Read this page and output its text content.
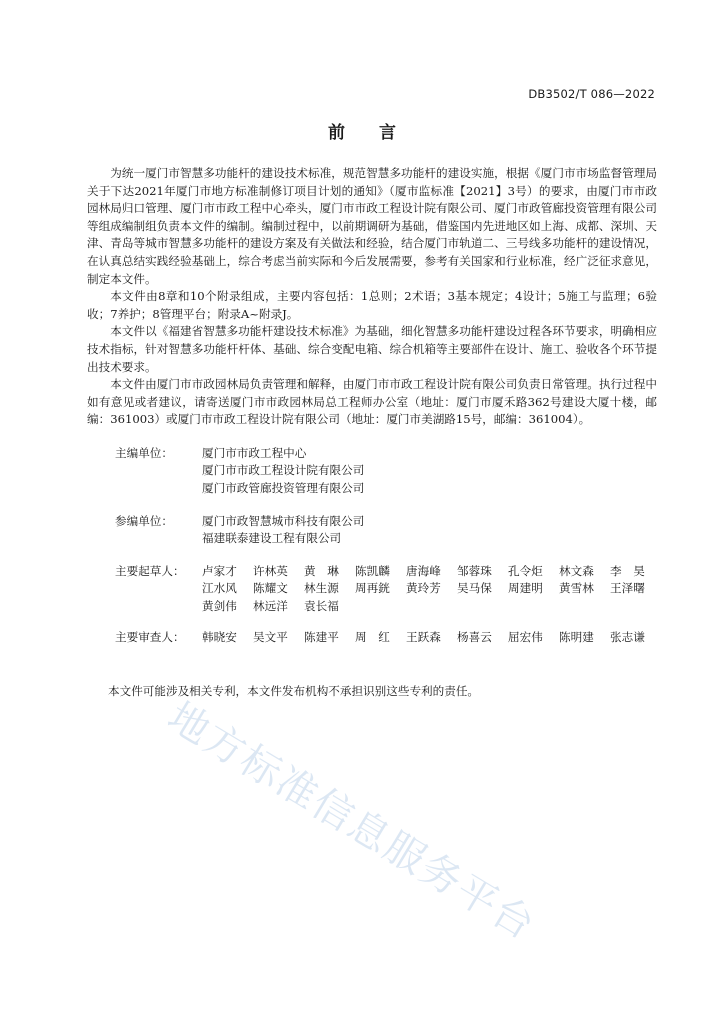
DB3502/T 086—2022
前言

为统一厦门市智慧多功能杆的建设技术标准，规范智慧多功能杆的建设实施，根据《厦门市市场监督管理局关于下达2021年厦门市地方标准制修订项目计划的通知》（厦市监标准【2021】3号）的要求，由厦门市市政园林局归口管理、厦门市市政工程中心牵头，厦门市市政工程设计院有限公司、厦门市政管廊投资管理有限公司等组成编制组负责本文件的编制。编制过程中，以前期调研为基础，借鉴国内先进地区如上海、成都、深圳、天津、青岛等城市智慧多功能杆的建设方案及有关做法和经验，结合厦门市轨道二、三号线多功能杆的建设情况，在认真总结实践经验基础上，综合考虑当前实际和今后发展需要，参考有关国家和行业标准，经广泛征求意见，制定本文件。

本文件由8章和10个附录组成，主要内容包括：1总则；2术语；3基本规定；4设计；5施工与监理；6验收；7养护；8管理平台；附录A~附录J。

本文件以《福建省智慧多功能杆建设技术标准》为基础，细化智慧多功能杆建设过程各环节要求，明确相应技术指标，针对智慧多功能杆杆体、基础、综合变配电箱、综合机箱等主要部件在设计、施工、验收各个环节提出技术要求。

本文件由厦门市市政园林局负责管理和解释，由厦门市市政工程设计院有限公司负责日常管理。执行过程中如有意见或者建议，请寄送厦门市市政园林局总工程师办公室（地址：厦门市厦禾路362号建设大厦十楼，邮编：361003）或厦门市市政工程设计院有限公司（地址：厦门市美湖路15号，邮编：361004）。

主编单位：	厦门市市政工程中心
厦门市市政工程设计院有限公司
厦门市政管廊投资管理有限公司
参编单位：	厦门市政智慧城市科技有限公司
福建联泰建设工程有限公司
主要起草人：	卢家才	许林英	黄　琳	陈凯麟	唐海峰	邹蓉珠	孔令炬	林文森	李　昊
江水风	陈耀文	林生源	周再銧	黄玲芳	吴马保	周建明	黄雪林	王泽曙
黄剑伟	林远洋	袁长福
主要审查人：	韩晓安	吴文平	陈建平	周　红	王跃森	杨喜云	屈宏伟	陈明建	张志谦
本文件可能涉及相关专利，本文件发布机构不承担识别这些专利的责任。
地方标准信息服务平台
